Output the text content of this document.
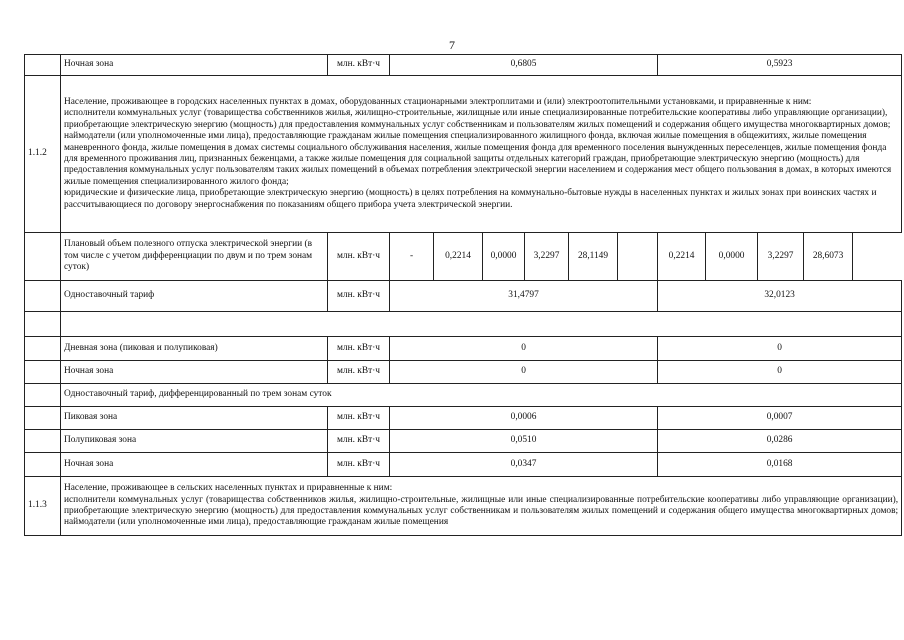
7
	Ночная зона	млн. кВт·ч	0,6805						0,5923			
1.1.2	Население, проживающее в городских населенных пунктах в домах, оборудованных стационарными электроплитами и (или) электроотопительными установками, и приравненные к ним:

исполнители коммунальных услуг (товарищества собственников жилья, жилищно-строительные, жилищные или иные специализированные потребительские кооперативы либо управляющие организации), приобретающие электрическую энергию (мощность) для предоставления коммунальных услуг собственникам и пользователям жилых помещений и содержания общего имущества многоквартирных домов; наймодатели (или уполномоченные ими лица), предоставляющие гражданам жилые помещения специализированного жилищного фонда, включая жилые помещения в общежитиях, жилые помещения маневренного фонда, жилые помещения в домах системы социального обслуживания населения, жилые помещения фонда для временного поселения вынужденных переселенцев, жилые помещения фонда для временного проживания лиц, признанных беженцами, а также жилые помещения для социальной защиты отдельных категорий граждан, приобретающие электрическую энергию (мощность) для предоставления коммунальных услуг пользователям таких жилых помещений в объемах потребления электрической энергии населением и содержания мест общего пользования в домах, в которых имеются жилые помещения специализированного жилого фонда;

юридические и физические лица, приобретающие электрическую энергию (мощность) в целях потребления на коммунально-бытовые нужды в населенных пунктах и жилых зонах при воинских частях и рассчитывающиеся по договору энергоснабжения по показаниям общего прибора учета электрической энергии.											

	Плановый объем полезного отпуска электрической энергии (в том числе с учетом дифференциации по двум и по трем зонам суток)	млн. кВт·ч	-	0,2214	0,0000	3,2297	28,1149		0,2214	0,0000	3,2297	28,6073
	Одноставочный тариф	млн. кВт·ч	31,4797						32,0123			

	Дневная зона (пиковая и полупиковая)	млн. кВт·ч	0						0			
	Ночная зона	млн. кВт·ч	0						0			
	Одноставочный тариф, дифференцированный по трем зонам суток											
	Пиковая зона	млн. кВт·ч	0,0006						0,0007			
	Полупиковая зона	млн. кВт·ч	0,0510						0,0286			
	Ночная зона	млн. кВт·ч	0,0347						0,0168			
1.1.3	Население, проживающее в сельских населенных пунктах и приравненные к ним:

исполнители коммунальных услуг (товарищества собственников жилья, жилищно-строительные, жилищные или иные специализированные потребительские кооперативы либо управляющие организации), приобретающие электрическую энергию (мощность) для предоставления коммунальных услуг собственникам и пользователям жилых помещений и содержания общего имущества многоквартирных домов; наймодатели (или уполномоченные ими лица), предоставляющие гражданам жилые помещения											
